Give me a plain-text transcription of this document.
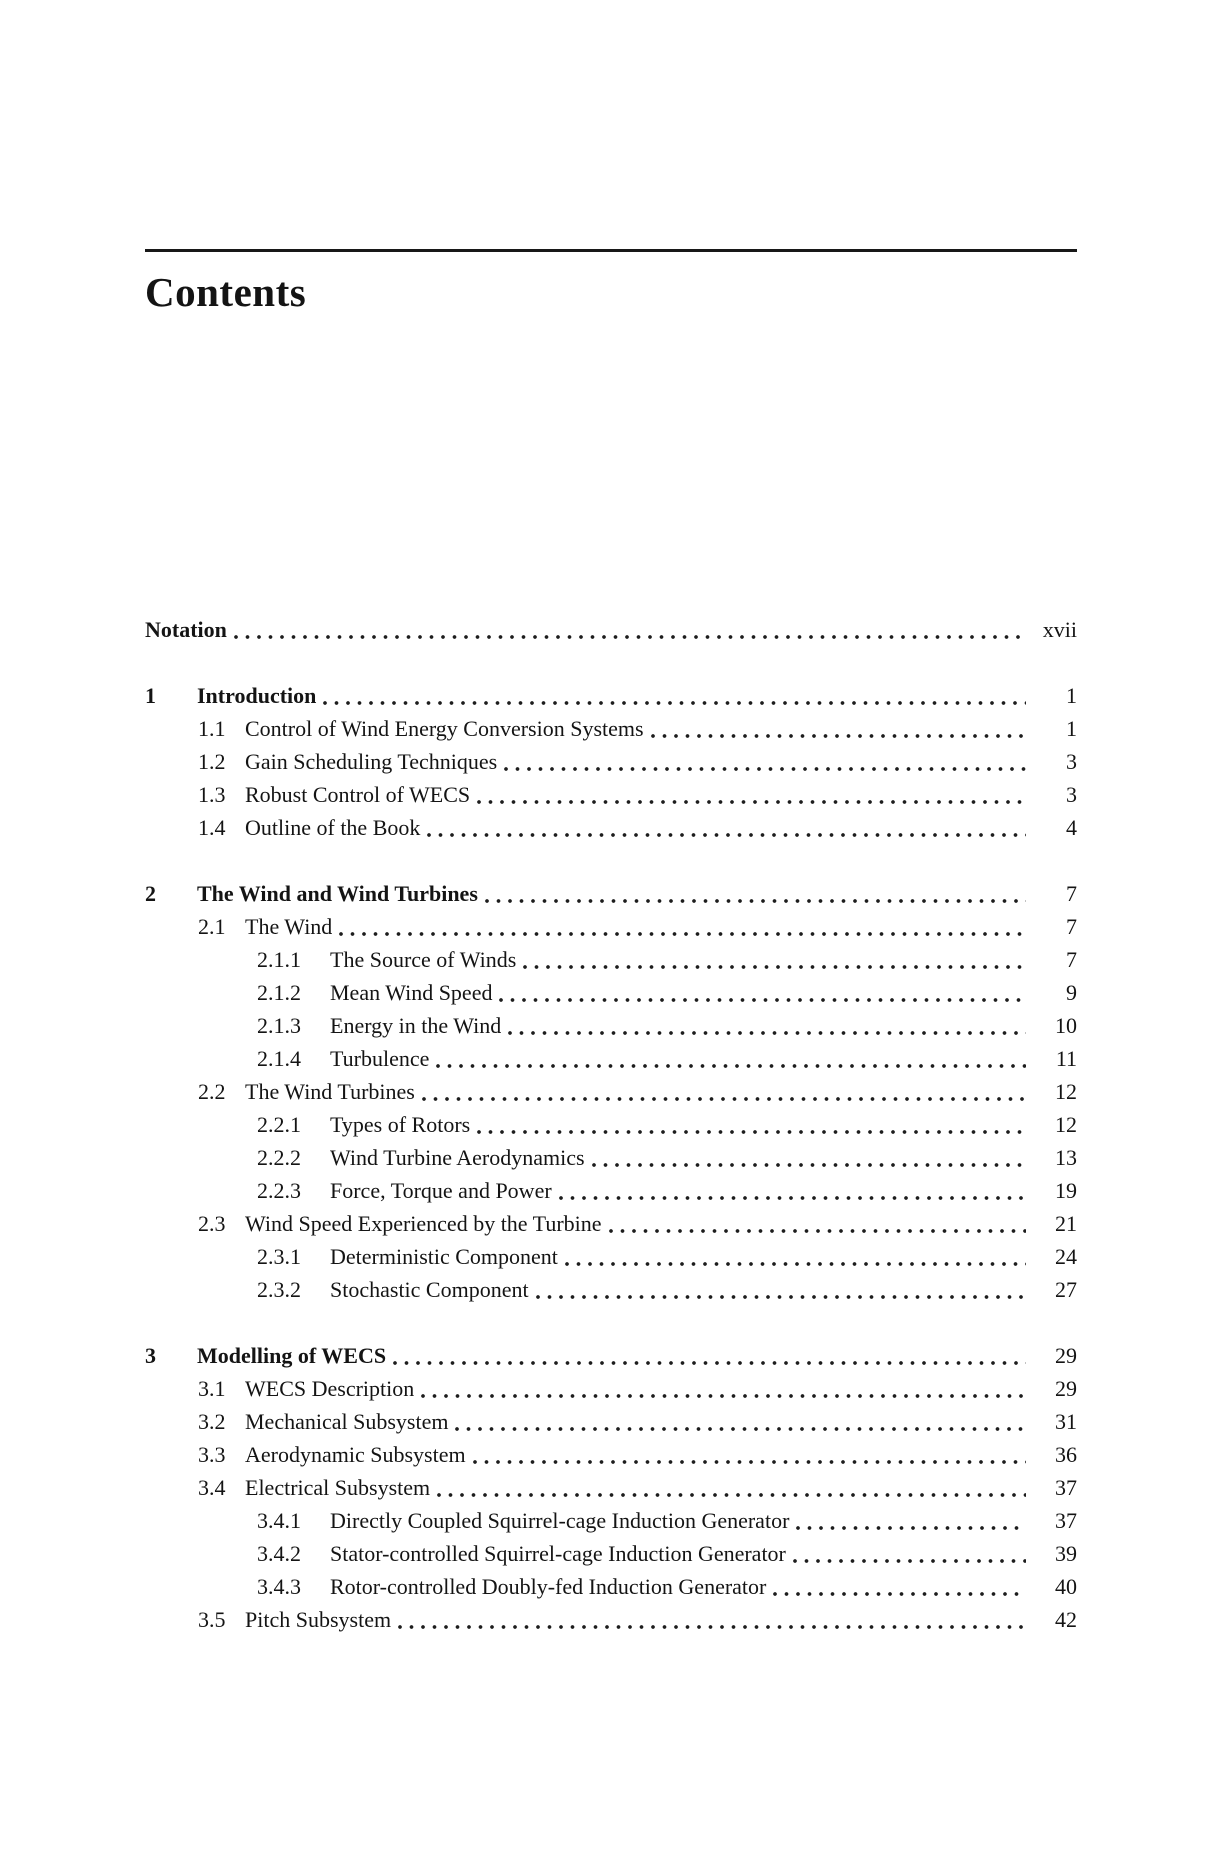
Contents
Notation	xvii
1	Introduction	1
1.1 Control of Wind Energy Conversion Systems	1
1.2 Gain Scheduling Techniques	3
1.3 Robust Control of WECS	3
1.4 Outline of the Book	4
2	The Wind and Wind Turbines	7
2.1 The Wind	7
2.1.1	The Source of Winds	7
2.1.2	Mean Wind Speed	9
2.1.3	Energy in the Wind	10
2.1.4	Turbulence	11
2.2 The Wind Turbines	12
2.2.1	Types of Rotors	12
2.2.2	Wind Turbine Aerodynamics	13
2.2.3	Force, Torque and Power	19
2.3 Wind Speed Experienced by the Turbine	21
2.3.1	Deterministic Component	24
2.3.2	Stochastic Component	27
3	Modelling of WECS	29
3.1 WECS Description	29
3.2 Mechanical Subsystem	31
3.3 Aerodynamic Subsystem	36
3.4 Electrical Subsystem	37
3.4.1	Directly Coupled Squirrel-cage Induction Generator	37
3.4.2	Stator-controlled Squirrel-cage Induction Generator	39
3.4.3	Rotor-controlled Doubly-fed Induction Generator	40
3.5 Pitch Subsystem	42
